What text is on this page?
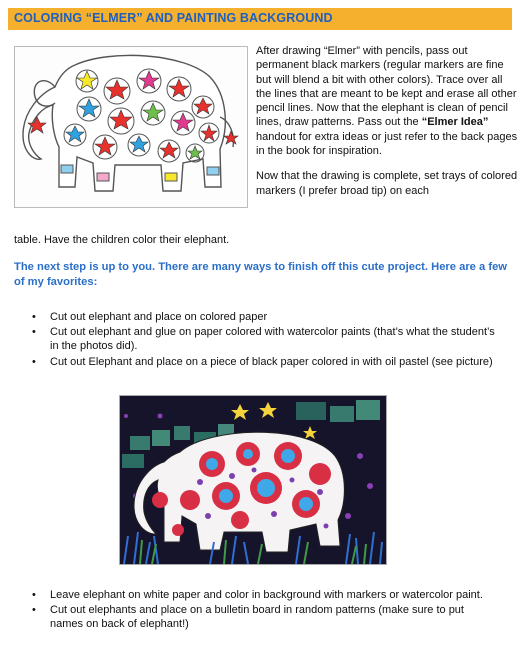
COLORING “ELMER” AND PAINTING BACKGROUND

After drawing “Elmer” with pencils, pass out permanent black markers (regular markers are fine but will blend a bit with other colors). Trace over all the lines that are meant to be kept and erase all other pencil lines. Now that the elephant is clean of pencil lines, draw patterns. Pass out the “Elmer Idea” handout for extra ideas or just refer to the back pages in the book for inspiration.

Now that the drawing is complete, set trays of colored markers (I prefer broad tip) on each

table. Have the children color their elephant.
The next step is up to you. There are many ways to finish off this cute project. Here are a few of my favorites:
• Cut out elephant and place on colored paper
• Cut out elephant and glue on paper colored with watercolor paints (that’s what the student’s in the photos did).
• Cut out Elephant and place on a piece of black paper colored in with oil pastel (see picture)
• Leave elephant on white paper and color in background with markers or watercolor paint.
• Cut out elephants and place on a bulletin board in random patterns (make sure to put names on back of elephant!)
